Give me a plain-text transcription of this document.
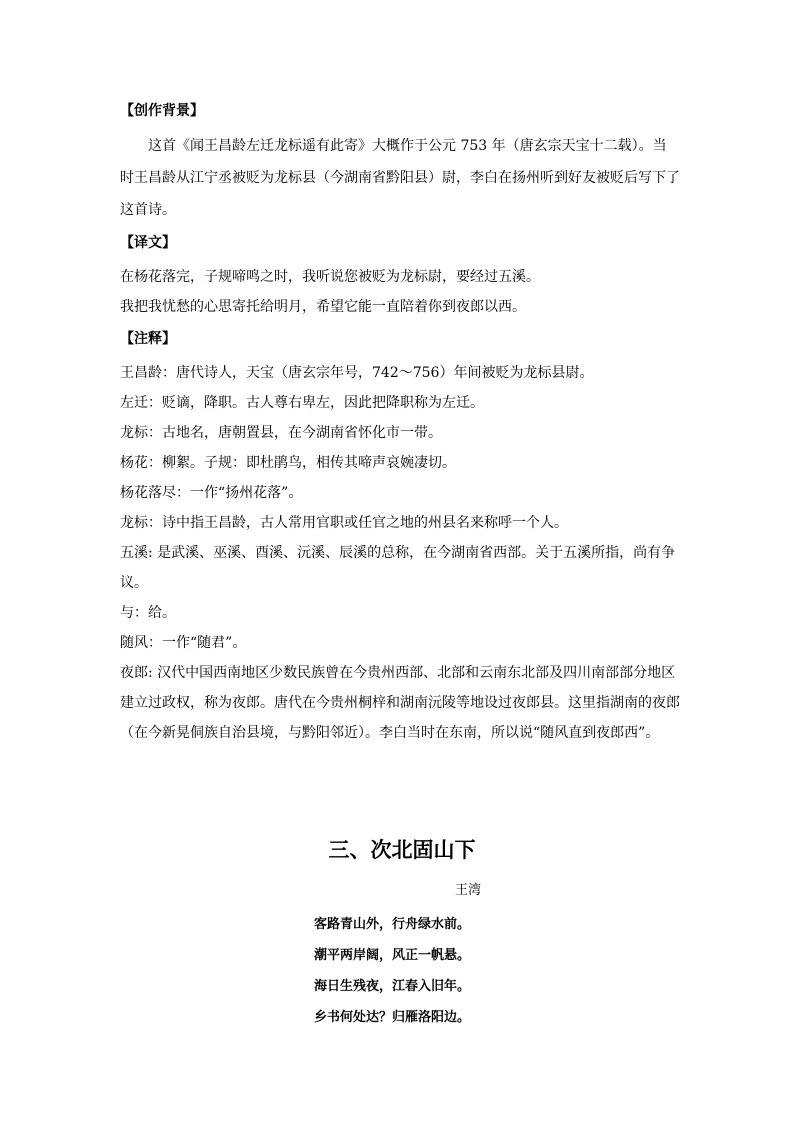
【创作背景】

这首《闻王昌龄左迁龙标遥有此寄》大概作于公元 753 年（唐玄宗天宝十二载）。当时王昌龄从江宁丞被贬为龙标县（今湖南省黔阳县）尉，李白在扬州听到好友被贬后写下了这首诗。

【译文】

在杨花落完，子规啼鸣之时，我听说您被贬为龙标尉，要经过五溪。

我把我忧愁的心思寄托给明月，希望它能一直陪着你到夜郎以西。

【注释】

王昌龄：唐代诗人，天宝（唐玄宗年号，742～756）年间被贬为龙标县尉。

左迁：贬谪，降职。古人尊右卑左，因此把降职称为左迁。

龙标：古地名，唐朝置县，在今湖南省怀化市一带。

杨花：柳絮。子规：即杜鹃鸟，相传其啼声哀婉凄切。

杨花落尽：一作“扬州花落”。

龙标：诗中指王昌龄，古人常用官职或任官之地的州县名来称呼一个人。

五溪: 是武溪、巫溪、酉溪、沅溪、辰溪的总称，在今湖南省西部。关于五溪所指，尚有争议。

与：给。

随风：一作“随君”。

夜郎: 汉代中国西南地区少数民族曾在今贵州西部、北部和云南东北部及四川南部部分地区建立过政权，称为夜郎。唐代在今贵州桐梓和湖南沅陵等地设过夜郎县。这里指湖南的夜郎（在今新晃侗族自治县境，与黔阳邻近）。李白当时在东南，所以说“随风直到夜郎西”。

三、次北固山下
王湾

客路青山外，行舟绿水前。

潮平两岸阔，风正一帆悬。

海日生残夜，江春入旧年。

乡书何处达？归雁洛阳边。
